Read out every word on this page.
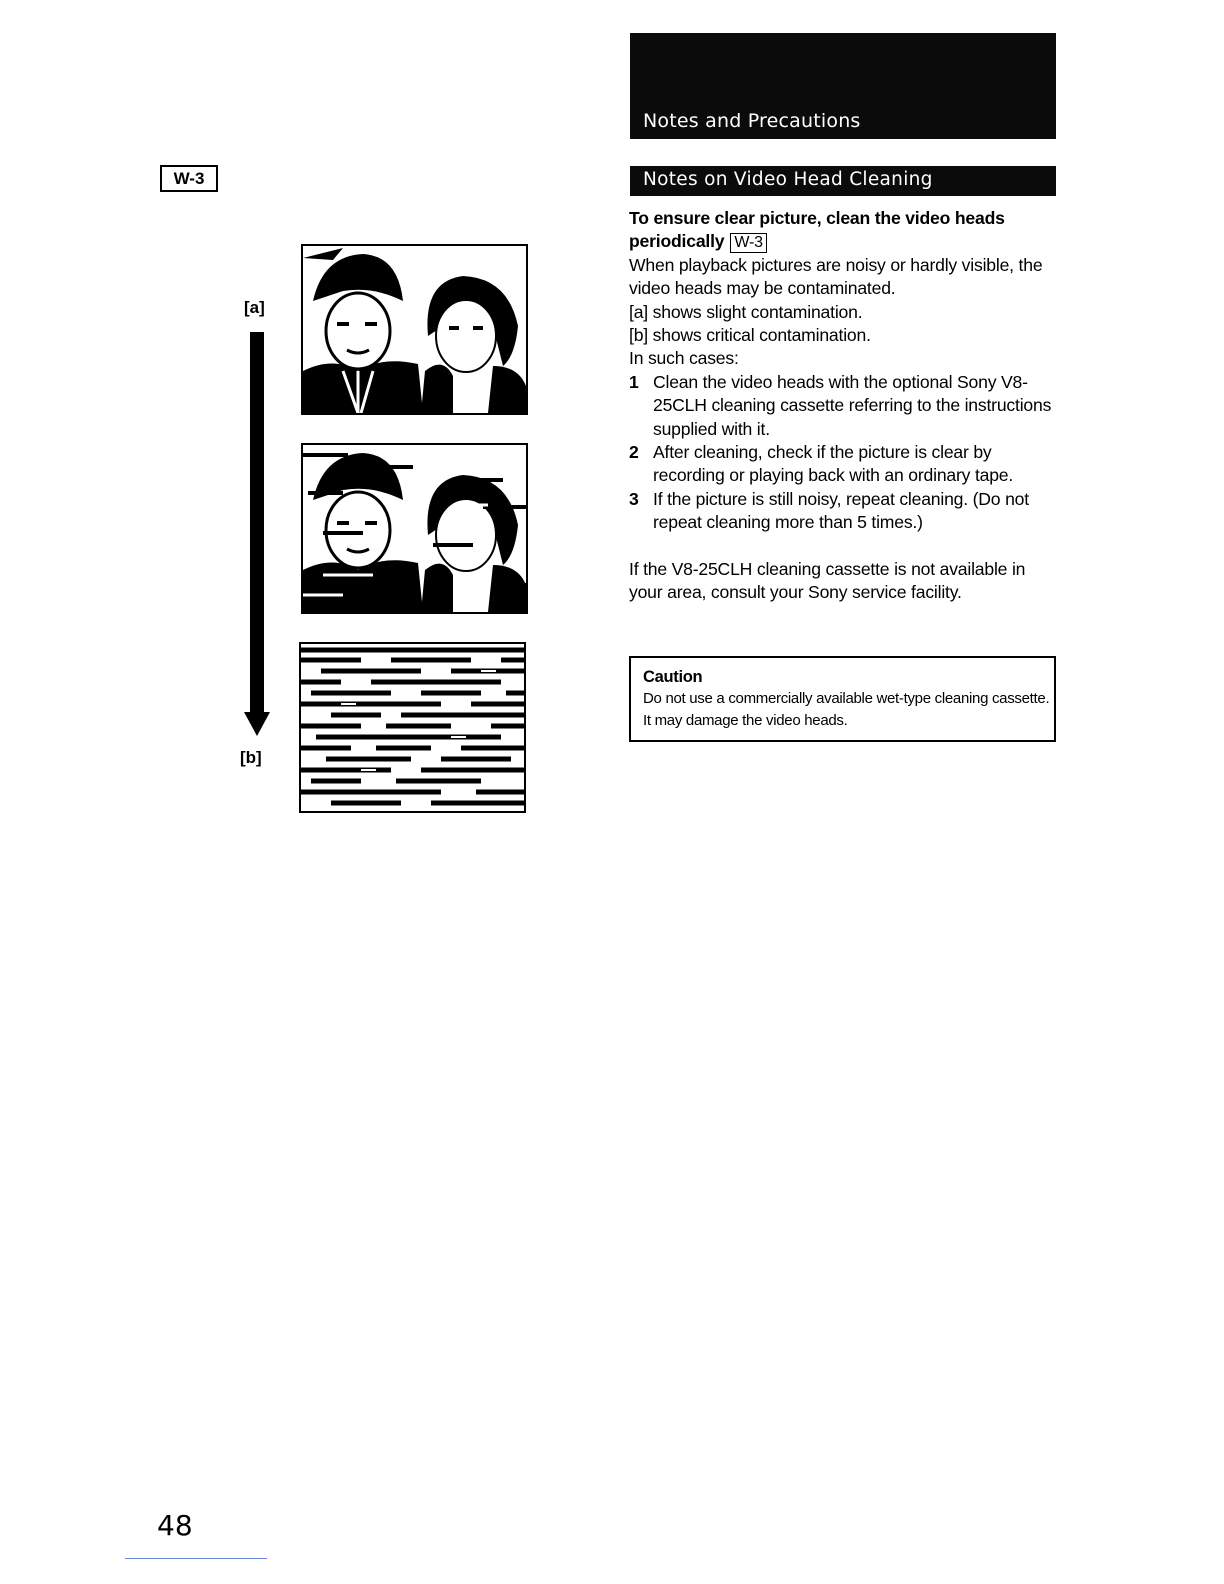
Notes and Precautions
Notes on Video Head Cleaning
W-3
[a]
[b]

To ensure clear picture, clean the video heads periodically W-3

When playback pictures are noisy or hardly visible, the video heads may be contaminated.

[a] shows slight contamination.

[b] shows critical contamination.

In such cases:

1 Clean the video heads with the optional Sony V8-25CLH cleaning cassette referring to the instructions supplied with it.
2 After cleaning, check if the picture is clear by recording or playing back with an ordinary tape.
3 If the picture is still noisy, repeat cleaning. (Do not repeat cleaning more than 5 times.)

If the V8-25CLH cleaning cassette is not available in your area, consult your Sony service facility.

Caution
Do not use a commercially available wet-type cleaning cassette. It may damage the video heads.
48
